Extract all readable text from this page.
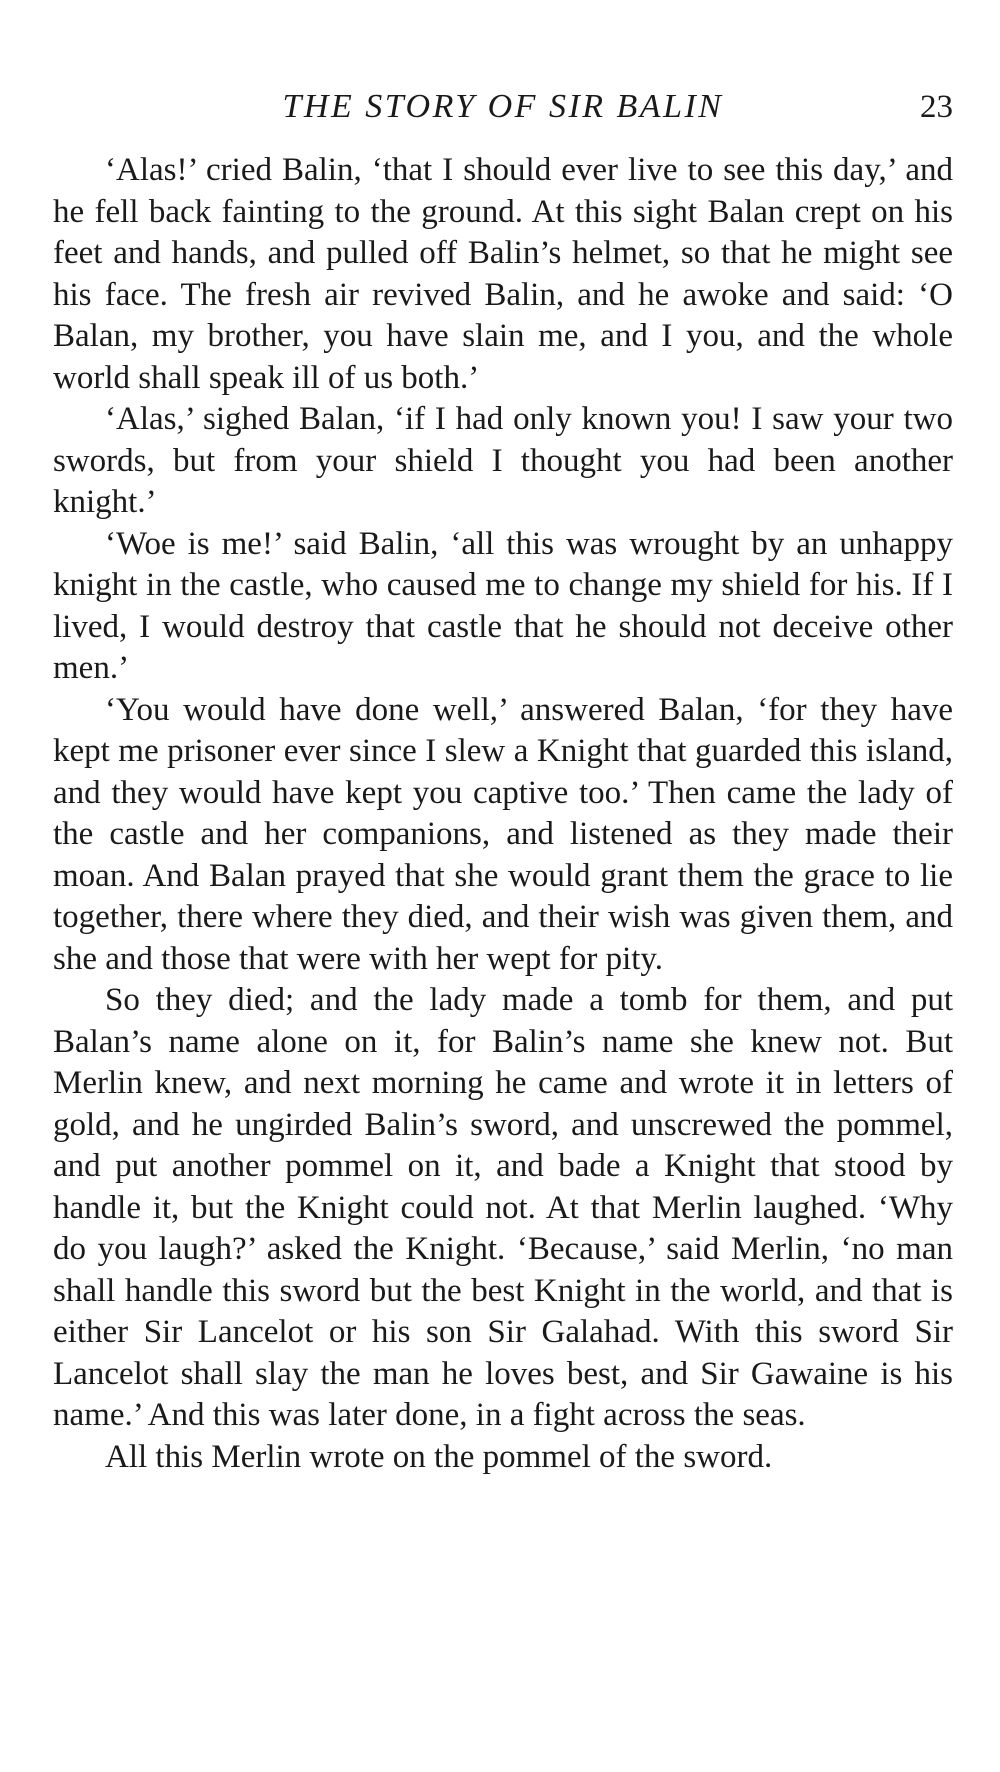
THE STORY OF SIR BALIN	23

‘Alas!’ cried Balin, ‘that I should ever live to see this day,’ and he fell back fainting to the ground. At this sight Balan crept on his feet and hands, and pulled off Balin’s helmet, so that he might see his face. The fresh air revived Balin, and he awoke and said: ‘O Balan, my brother, you have slain me, and I you, and the whole world shall speak ill of us both.’

‘Alas,’ sighed Balan, ‘if I had only known you! I saw your two swords, but from your shield I thought you had been another knight.’

‘Woe is me!’ said Balin, ‘all this was wrought by an unhappy knight in the castle, who caused me to change my shield for his. If I lived, I would destroy that castle that he should not deceive other men.’

‘You would have done well,’ answered Balan, ‘for they have kept me prisoner ever since I slew a Knight that guarded this island, and they would have kept you captive too.’ Then came the lady of the castle and her companions, and listened as they made their moan. And Balan prayed that she would grant them the grace to lie together, there where they died, and their wish was given them, and she and those that were with her wept for pity.

So they died; and the lady made a tomb for them, and put Balan’s name alone on it, for Balin’s name she knew not. But Merlin knew, and next morning he came and wrote it in letters of gold, and he ungirded Balin’s sword, and unscrewed the pommel, and put another pommel on it, and bade a Knight that stood by handle it, but the Knight could not. At that Merlin laughed. ‘Why do you laugh?’ asked the Knight. ‘Because,’ said Merlin, ‘no man shall handle this sword but the best Knight in the world, and that is either Sir Lancelot or his son Sir Galahad. With this sword Sir Lancelot shall slay the man he loves best, and Sir Gawaine is his name.’ And this was later done, in a fight across the seas.

All this Merlin wrote on the pommel of the sword.
